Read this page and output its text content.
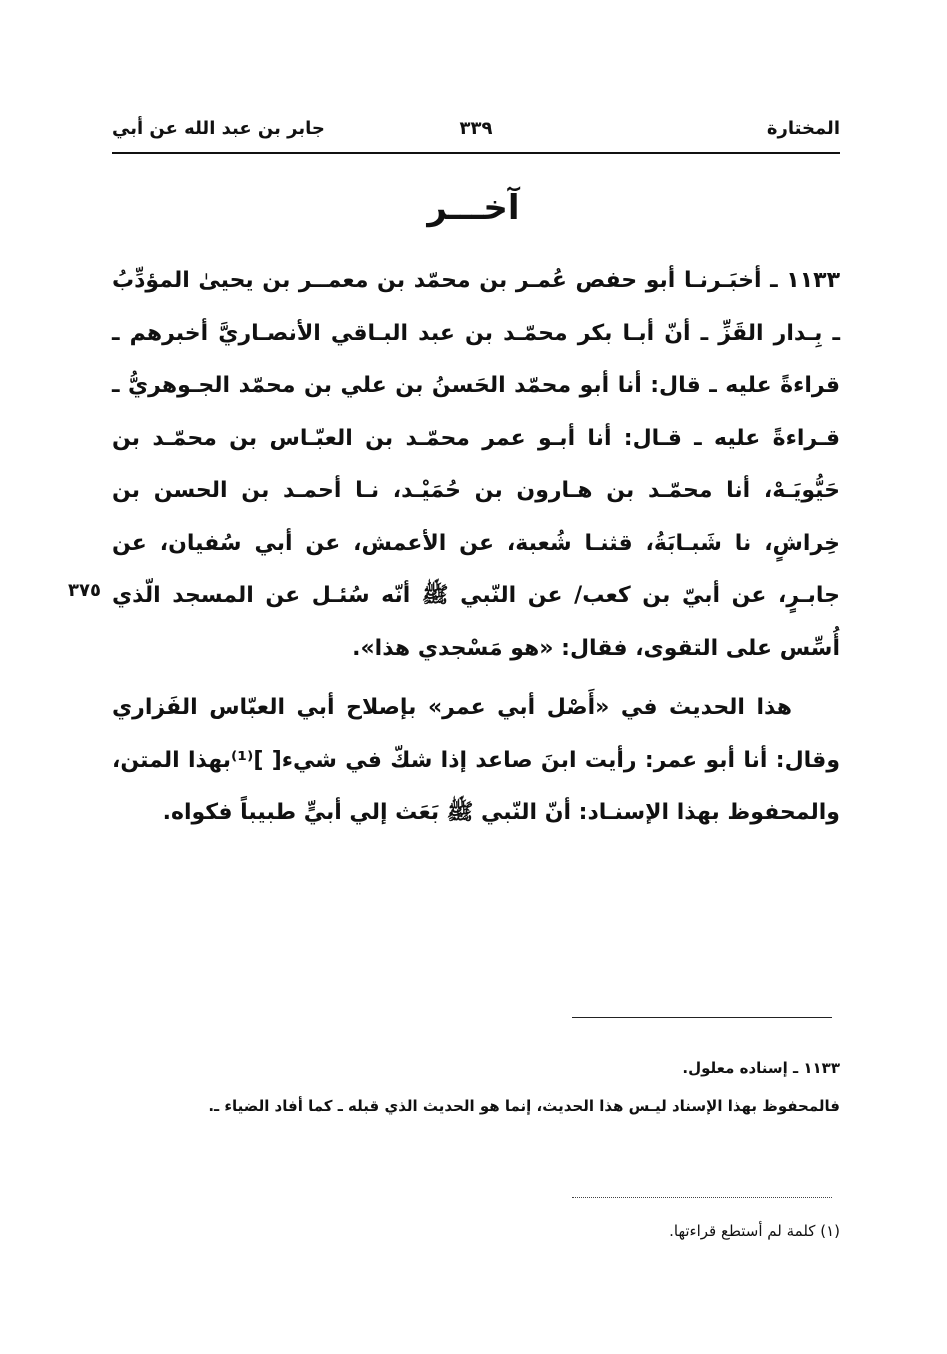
المختارة
٣٣٩
جابر بن عبد الله عن أبي
آخـــر

١١٣٣ ـ أخبَـرنـا أبو حفص عُمـر بن محمّد بن معمــر بن يحيىٰ المؤدِّبُ ـ بِـدار القَزِّ ـ أنّ أبـا بكر محمّـد بن عبد البـاقي الأنصـاريَّ أخبرهم ـ قراءةً عليه ـ قال: أنا أبو محمّد الحَسنُ بن علي بن محمّد الجـوهريُّ ـ قـراءةً عليه ـ قـال: أنا أبـو عمر محمّـد بن العبّـاس بن محمّـد بن حَيُّويَـهْ، أنا محمّـد بن هـارون بن حُمَيْـد، نـا أحمـد بن الحسن بن خِراشٍ، نا شَبـابَةُ، قثنـا شُعبة، عن الأعمش، عن أبي سُفيان، عن جابـرٍ، عن أبيّ بن كعب/ عن النّبي ﷺ أنّه سُئـل عن المسجد الّذي أُسِّس على التقوى، فقال: «هو مَسْجدي هذا».

٣٧٥

هذا الحديث في «أَصْل أبي عمر» بإصلاح أبي العبّاس الفَزاري وقال: أنا أبو عمر: رأيت ابنَ صاعد إذا شكّ في شيء[ ]⁽¹⁾بهذا المتن، والمحفوظ بهذا الإسنـاد: أنّ النّبي ﷺ بَعَث إلي أبيٍّ طبيباً فكواه.

١١٣٣ ـ إسناده معلول.

فالمحفوظ بهذا الإسناد ليـس هذا الحديث، إنما هو الحديث الذي قبله ـ كما أفاد الضياء ـ.

(١) كلمة لم أستطع قراءتها.
